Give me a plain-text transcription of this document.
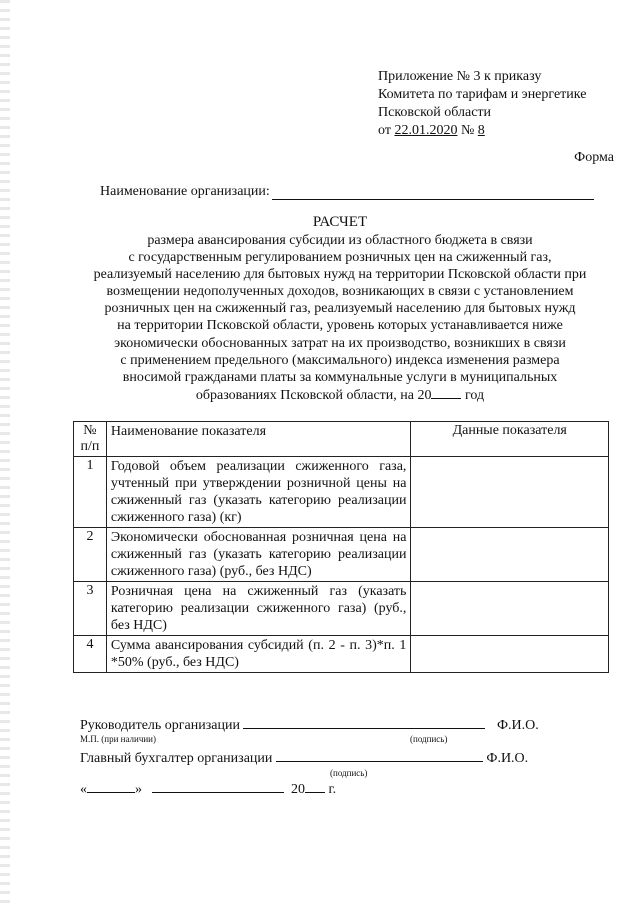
Приложение № 3 к приказу
Комитета по тарифам и энергетике
Псковской области
от 22.01.2020 № 8
Форма
Наименование организации:
РАСЧЕТ
размера авансирования субсидии из областного бюджета в связи
с государственным регулированием розничных цен на сжиженный газ,
реализуемый населению для бытовых нужд на территории Псковской области при
возмещении недополученных доходов, возникающих в связи с установлением
розничных цен на сжиженный газ, реализуемый населению для бытовых нужд
на территории Псковской области, уровень которых устанавливается ниже
экономически обоснованных затрат на их производство, возникших в связи
с применением предельного (максимального) индекса изменения размера
вносимой гражданами платы за коммунальные услуги в муниципальных
образованиях Псковской области, на 20 год
№
п/п	Наименование показателя	Данные показателя
1	Годовой объем реализации сжиженного газа, учтенный при утверждении розничной цены на сжиженный газ (указать категорию реализации сжиженного газа) (кг)	
2	Экономически обоснованная розничная цена на сжиженный газ (указать категорию реализации сжиженного газа) (руб., без НДС)	
3	Розничная цена на сжиженный газ (указать категорию реализации сжиженного газа) (руб., без НДС)	
4	Сумма авансирования субсидий (п. 2 - п. 3)*п. 1 *50% (руб., без НДС)	
Руководитель организации	Ф.И.О.
М.П. (при наличии)	(подпись)
Главный бухгалтер организации	Ф.И.О.
(подпись)
«	»	20 г.
